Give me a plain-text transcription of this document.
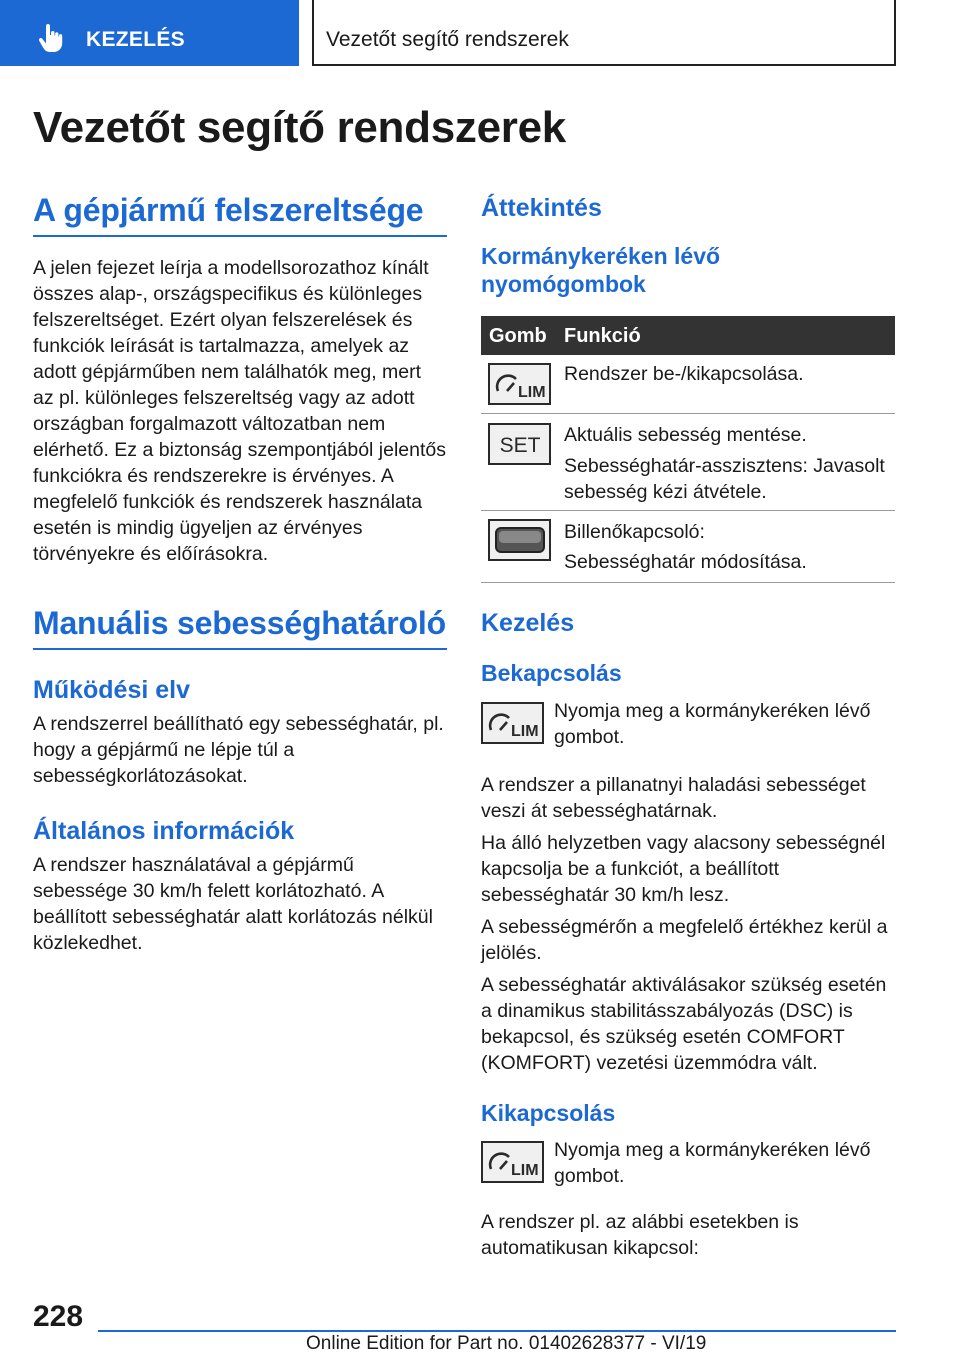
KEZELÉS	Vezetőt segítő rendszerek
Vezetőt segítő rendszerek
A gépjármű felszereltsége

A jelen fejezet leírja a modellsorozathoz kínált összes alap-, országspecifikus és különleges felszereltséget. Ezért olyan felszerelések és funkciók leírását is tartalmazza, amelyek az adott gépjárműben nem találhatók meg, mert az pl. különleges felszereltség vagy az adott országban forgalmazott változatban nem elérhető. Ez a biztonság szempontjából jelentős funkciókra és rendszerekre is érvényes. A megfelelő funkciók és rendszerek használata esetén is mindig ügyeljen az érvényes törvényekre és előírásokra.

Manuális sebességhatároló
Működési elv

A rendszerrel beállítható egy sebességhatár, pl. hogy a gépjármű ne lépje túl a sebességkorlátozásokat.

Általános információk

A rendszer használatával a gépjármű sebessége 30 km/h felett korlátozható. A beállított sebességhatár alatt korlátozás nélkül közlekedhet.

Áttekintés
Kormánykeréken lévő nyomógombok
Gomb Funkció
LIM
Rendszer be-/kikapcsolása.
SET Aktuális sebesség mentése.
Sebességhatár-asszisztens: Javasolt sebesség kézi átvétele.
Billenőkapcsoló:
Sebességhatár módosítása.
Kezelés
Bekapcsolás
LIM
Nyomja meg a kormánykeréken lévő gombot.

A rendszer a pillanatnyi haladási sebességet veszi át sebességhatárnak.

Ha álló helyzetben vagy alacsony sebességnél kapcsolja be a funkciót, a beállított sebességhatár 30 km/h lesz.

A sebességmérőn a megfelelő értékhez kerül a jelölés.

A sebességhatár aktiválásakor szükség esetén a dinamikus stabilitásszabályozás (DSC) is bekapcsol, és szükség esetén COMFORT (KOMFORT) vezetési üzemmódra vált.

Kikapcsolás
LIM
Nyomja meg a kormánykeréken lévő gombot.

A rendszer pl. az alábbi esetekben is automatikusan kikapcsol:

228
Online Edition for Part no. 01402628377 - VI/19
